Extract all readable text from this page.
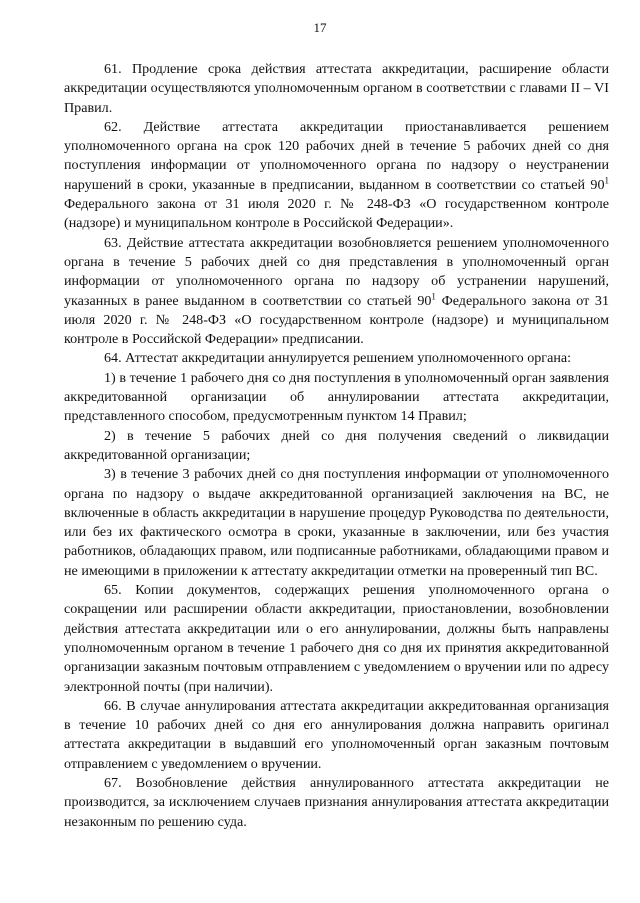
17

61. Продление срока действия аттестата аккредитации, расширение области аккредитации осуществляются уполномоченным органом в соответствии с главами II – VI Правил.

62. Действие аттестата аккредитации приостанавливается решением уполномоченного органа на срок 120 рабочих дней в течение 5 рабочих дней со дня поступления информации от уполномоченного органа по надзору о неустранении нарушений в сроки, указанные в предписании, выданном в соответствии со статьей $90^1$ Федерального закона от 31 июля 2020 г. № 248-ФЗ «О государственном контроле (надзоре) и муниципальном контроле в Российской Федерации».

63. Действие аттестата аккредитации возобновляется решением уполномоченного органа в течение 5 рабочих дней со дня представления в уполномоченный орган информации от уполномоченного органа по надзору об устранении нарушений, указанных в ранее выданном в соответствии со статьей $90^1$ Федерального закона от 31 июля 2020 г. № 248-ФЗ «О государственном контроле (надзоре) и муниципальном контроле в Российской Федерации» предписании.

64. Аттестат аккредитации аннулируется решением уполномоченного органа:

1) в течение 1 рабочего дня со дня поступления в уполномоченный орган заявления аккредитованной организации об аннулировании аттестата аккредитации, представленного способом, предусмотренным пунктом 14 Правил;

2) в течение 5 рабочих дней со дня получения сведений о ликвидации аккредитованной организации;

3) в течение 3 рабочих дней со дня поступления информации от уполномоченного органа по надзору о выдаче аккредитованной организацией заключения на ВС, не включенные в область аккредитации в нарушение процедур Руководства по деятельности, или без их фактического осмотра в сроки, указанные в заключении, или без участия работников, обладающих правом, или подписанные работниками, обладающими правом и не имеющими в приложении к аттестату аккредитации отметки на проверенный тип ВС.

65. Копии документов, содержащих решения уполномоченного органа о сокращении или расширении области аккредитации, приостановлении, возобновлении действия аттестата аккредитации или о его аннулировании, должны быть направлены уполномоченным органом в течение 1 рабочего дня со дня их принятия аккредитованной организации заказным почтовым отправлением с уведомлением о вручении или по адресу электронной почты (при наличии).

66. В случае аннулирования аттестата аккредитации аккредитованная организация в течение 10 рабочих дней со дня его аннулирования должна направить оригинал аттестата аккредитации в выдавший его уполномоченный орган заказным почтовым отправлением с уведомлением о вручении.

67. Возобновление действия аннулированного аттестата аккредитации не производится, за исключением случаев признания аннулирования аттестата аккредитации незаконным по решению суда.
